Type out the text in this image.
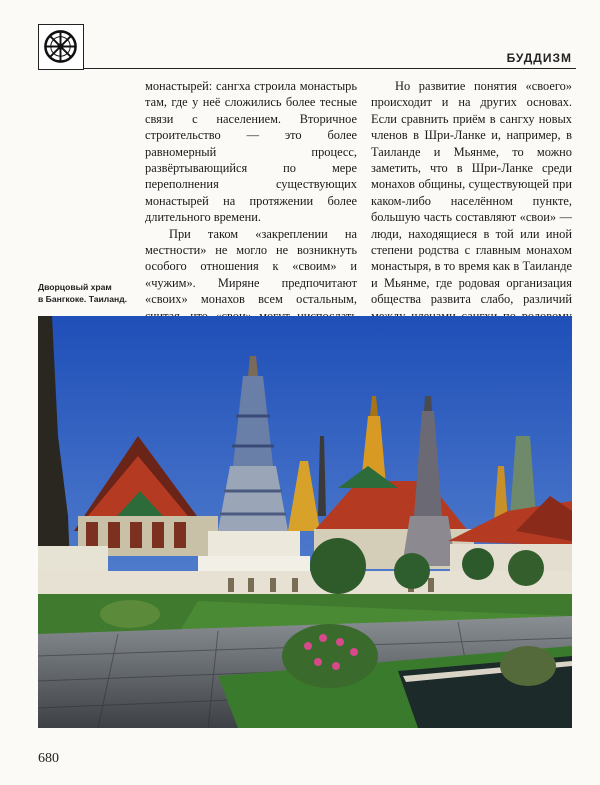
БУДДИЗМ

монастырей: сангха строила монастырь там, где у неё сложились более тесные связи с населением. Вторичное строительство — это более равномерный процесс, развёртывающийся по мере переполнения существующих монастырей на протяжении более длительного времени.

При таком «закреплении на местности» не могло не возникнуть особого отношения к «своим» и «чужим». Миряне предпочитают «своих» монахов всем остальным,

Но развитие понятия «своего» происходит и на других основах. Если сравнить приём в сангху новых членов в Шри-Ланке и, например, в Таиланде и Мьянме, то можно заметить, что в Шри-Ланке среди монахов общины, существующей при каком-либо населённом пункте, большую часть составляют «свои» — люди, находящиеся в той или иной степени родства с главным монахом монастыря, в то время как в Таиланде и Мьянме, где родовая организация общества развита слабо, различий

Дворцовый храм
в Бангкоке. Таиланд.
680
